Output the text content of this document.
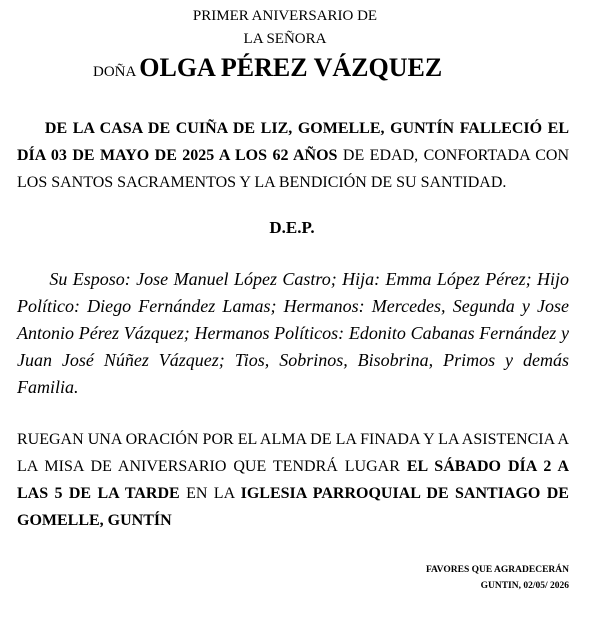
PRIMER ANIVERSARIO DE
LA SEÑORA
DOÑA OLGA PÉREZ VÁZQUEZ
DE LA CASA DE CUIÑA DE LIZ, GOMELLE, GUNTÍN FALLECIÓ EL DÍA 03 DE MAYO DE 2025 A LOS 62 AÑOS DE EDAD, CONFORTADA CON LOS SANTOS SACRAMENTOS Y LA BENDICIÓN DE SU SANTIDAD.
D.E.P.
Su Esposo: Jose Manuel López Castro; Hija: Emma López Pérez; Hijo Político: Diego Fernández Lamas; Hermanos: Mercedes, Segunda y Jose Antonio Pérez Vázquez; Hermanos Políticos: Edonito Cabanas Fernández y Juan José Núñez Vázquez; Tios, Sobrinos, Bisobrina, Primos y demás Familia.
RUEGAN UNA ORACIÓN POR EL ALMA DE LA FINADA Y LA ASISTENCIA A LA MISA DE ANIVERSARIO QUE TENDRÁ LUGAR EL SÁBADO DÍA 2 A LAS 5 DE LA TARDE EN LA IGLESIA PARROQUIAL DE SANTIAGO DE GOMELLE, GUNTÍN
FAVORES QUE AGRADECERÁN
GUNTIN, 02/05/ 2026
